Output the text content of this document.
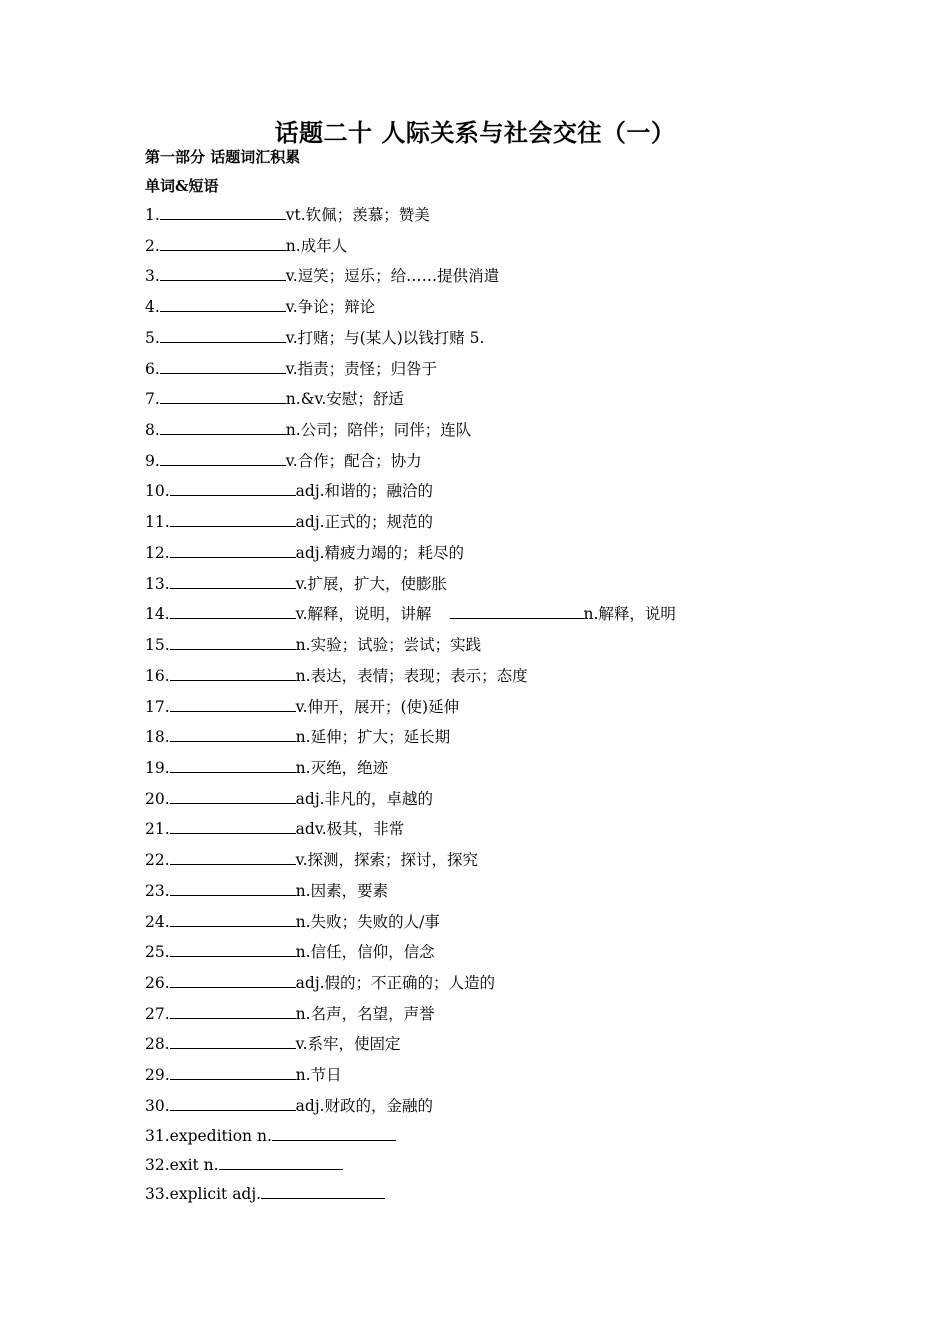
话题二十 人际关系与社会交往（一）
第一部分 话题词汇积累
单词&短语
1.	vt.钦佩；羡慕；赞美
2.	n.成年人
3.	v.逗笑；逗乐；给……提供消遣
4.	v.争论；辩论
5.	v.打赌；与(某人)以钱打赌 5.
6.	v.指责；责怪；归咎于
7.	n.&v.安慰；舒适
8.	n.公司；陪伴；同伴；连队
9.	v.合作；配合；协力
10.	adj.和谐的；融洽的
11.	adj.正式的；规范的
12.	adj.精疲力竭的；耗尽的
13.	v.扩展，扩大，使膨胀
14.	v.解释，说明，讲解	n.解释，说明
15.	n.实验；试验；尝试；实践
16.	n.表达，表情；表现；表示；态度
17.	v.伸开，展开；(使)延伸
18.	n.延伸；扩大；延长期
19.	n.灭绝，绝迹
20.	adj.非凡的，卓越的
21.	adv.极其，非常
22.	v.探测，探索；探讨，探究
23.	n.因素，要素
24.	n.失败；失败的人/事
25.	n.信任，信仰，信念
26.	adj.假的；不正确的；人造的
27.	n.名声，名望，声誉
28.	v.系牢，使固定
29.	n.节日
30.	adj.财政的，金融的
31.expedition n.
32.exit n.
33.explicit adj.
